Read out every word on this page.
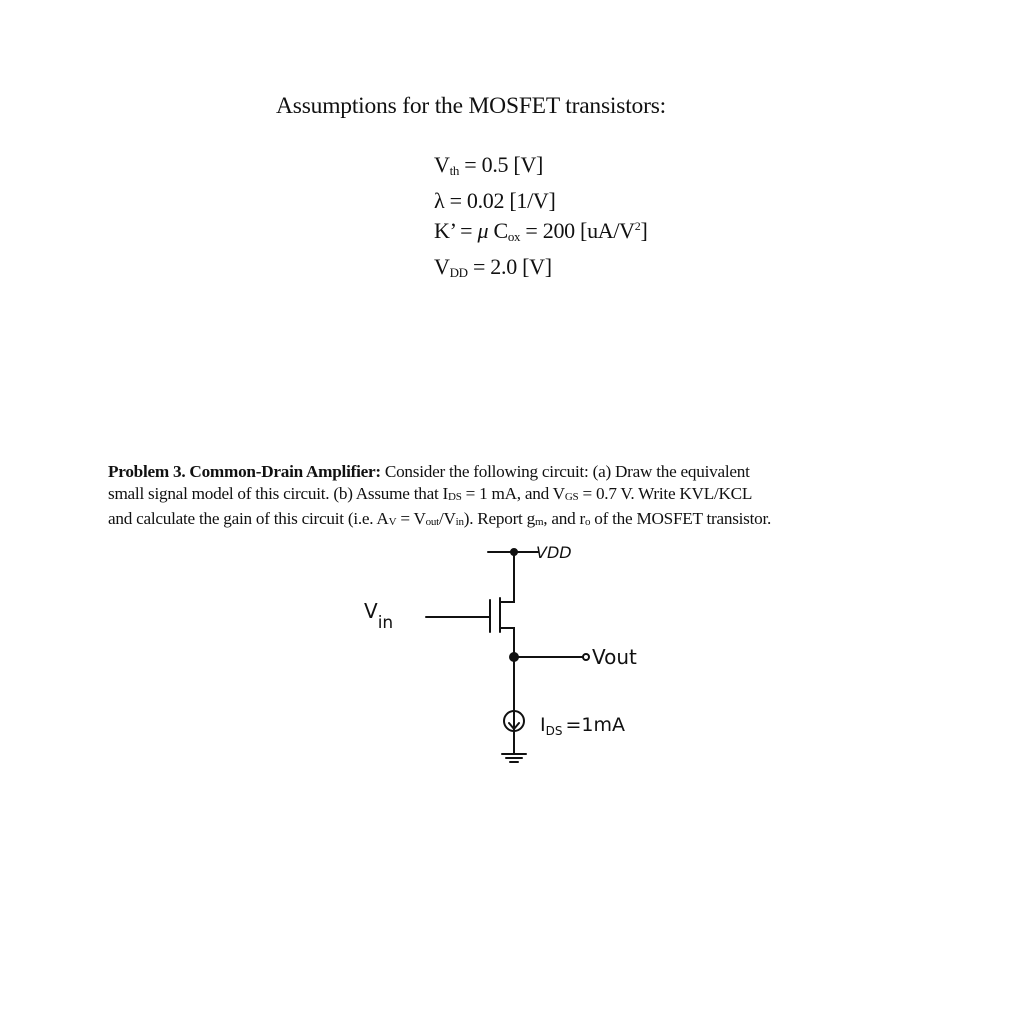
Assumptions for the MOSFET transistors:
$V_{th} = 0.5$ [V]
λ = 0.02 [1/V]
K’ = μ $C_{ox} = 200$ $[uA/V^2]$
$V_{DD} = 2.0$ [V]
Problem 3. Common-Drain Amplifier: Consider the following circuit: (a) Draw the equivalent
small signal model of this circuit. (b) Assume that IDS = 1 mA, and VGS = 0.7 V. Write KVL/KCL
and calculate the gain of this circuit (i.e. AV = Vout/Vin). Report gm, and ro of the MOSFET transistor.
VDD
$V_{in}$
Vout
$I_{DS} =1mA$
